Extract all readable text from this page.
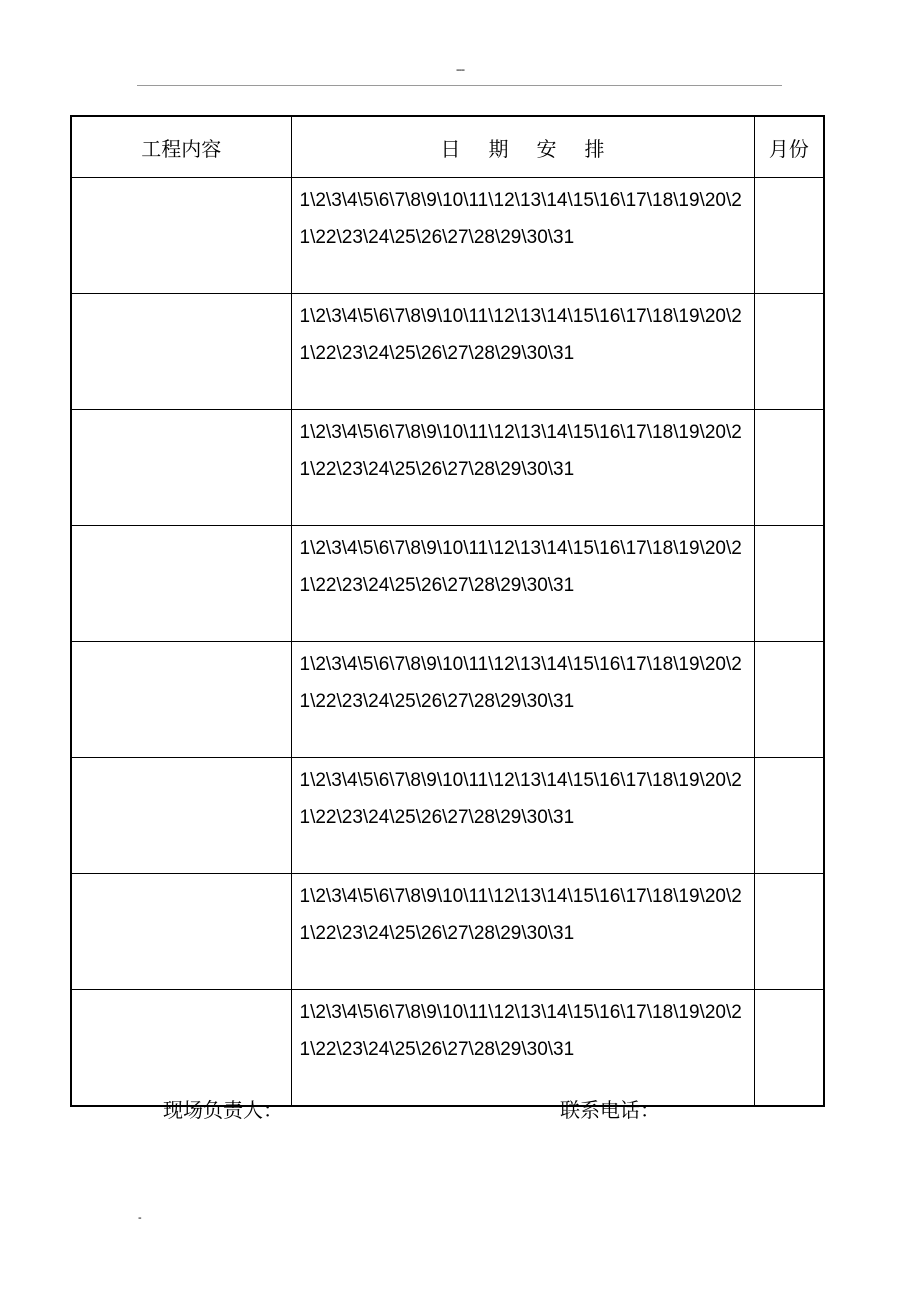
---
工程内容	日 期 安 排	月份
	1\2\3\4\5\6\7\8\9\10\11\12\13\14\15\16\17\18\19\20\21\22\23\24\25\26\27\28\29\30\31	
	1\2\3\4\5\6\7\8\9\10\11\12\13\14\15\16\17\18\19\20\21\22\23\24\25\26\27\28\29\30\31	
	1\2\3\4\5\6\7\8\9\10\11\12\13\14\15\16\17\18\19\20\21\22\23\24\25\26\27\28\29\30\31	
	1\2\3\4\5\6\7\8\9\10\11\12\13\14\15\16\17\18\19\20\21\22\23\24\25\26\27\28\29\30\31	
	1\2\3\4\5\6\7\8\9\10\11\12\13\14\15\16\17\18\19\20\21\22\23\24\25\26\27\28\29\30\31	
	1\2\3\4\5\6\7\8\9\10\11\12\13\14\15\16\17\18\19\20\21\22\23\24\25\26\27\28\29\30\31	
	1\2\3\4\5\6\7\8\9\10\11\12\13\14\15\16\17\18\19\20\21\22\23\24\25\26\27\28\29\30\31	
	1\2\3\4\5\6\7\8\9\10\11\12\13\14\15\16\17\18\19\20\21\22\23\24\25\26\27\28\29\30\31	
现场负责人：	联系电话：
-
